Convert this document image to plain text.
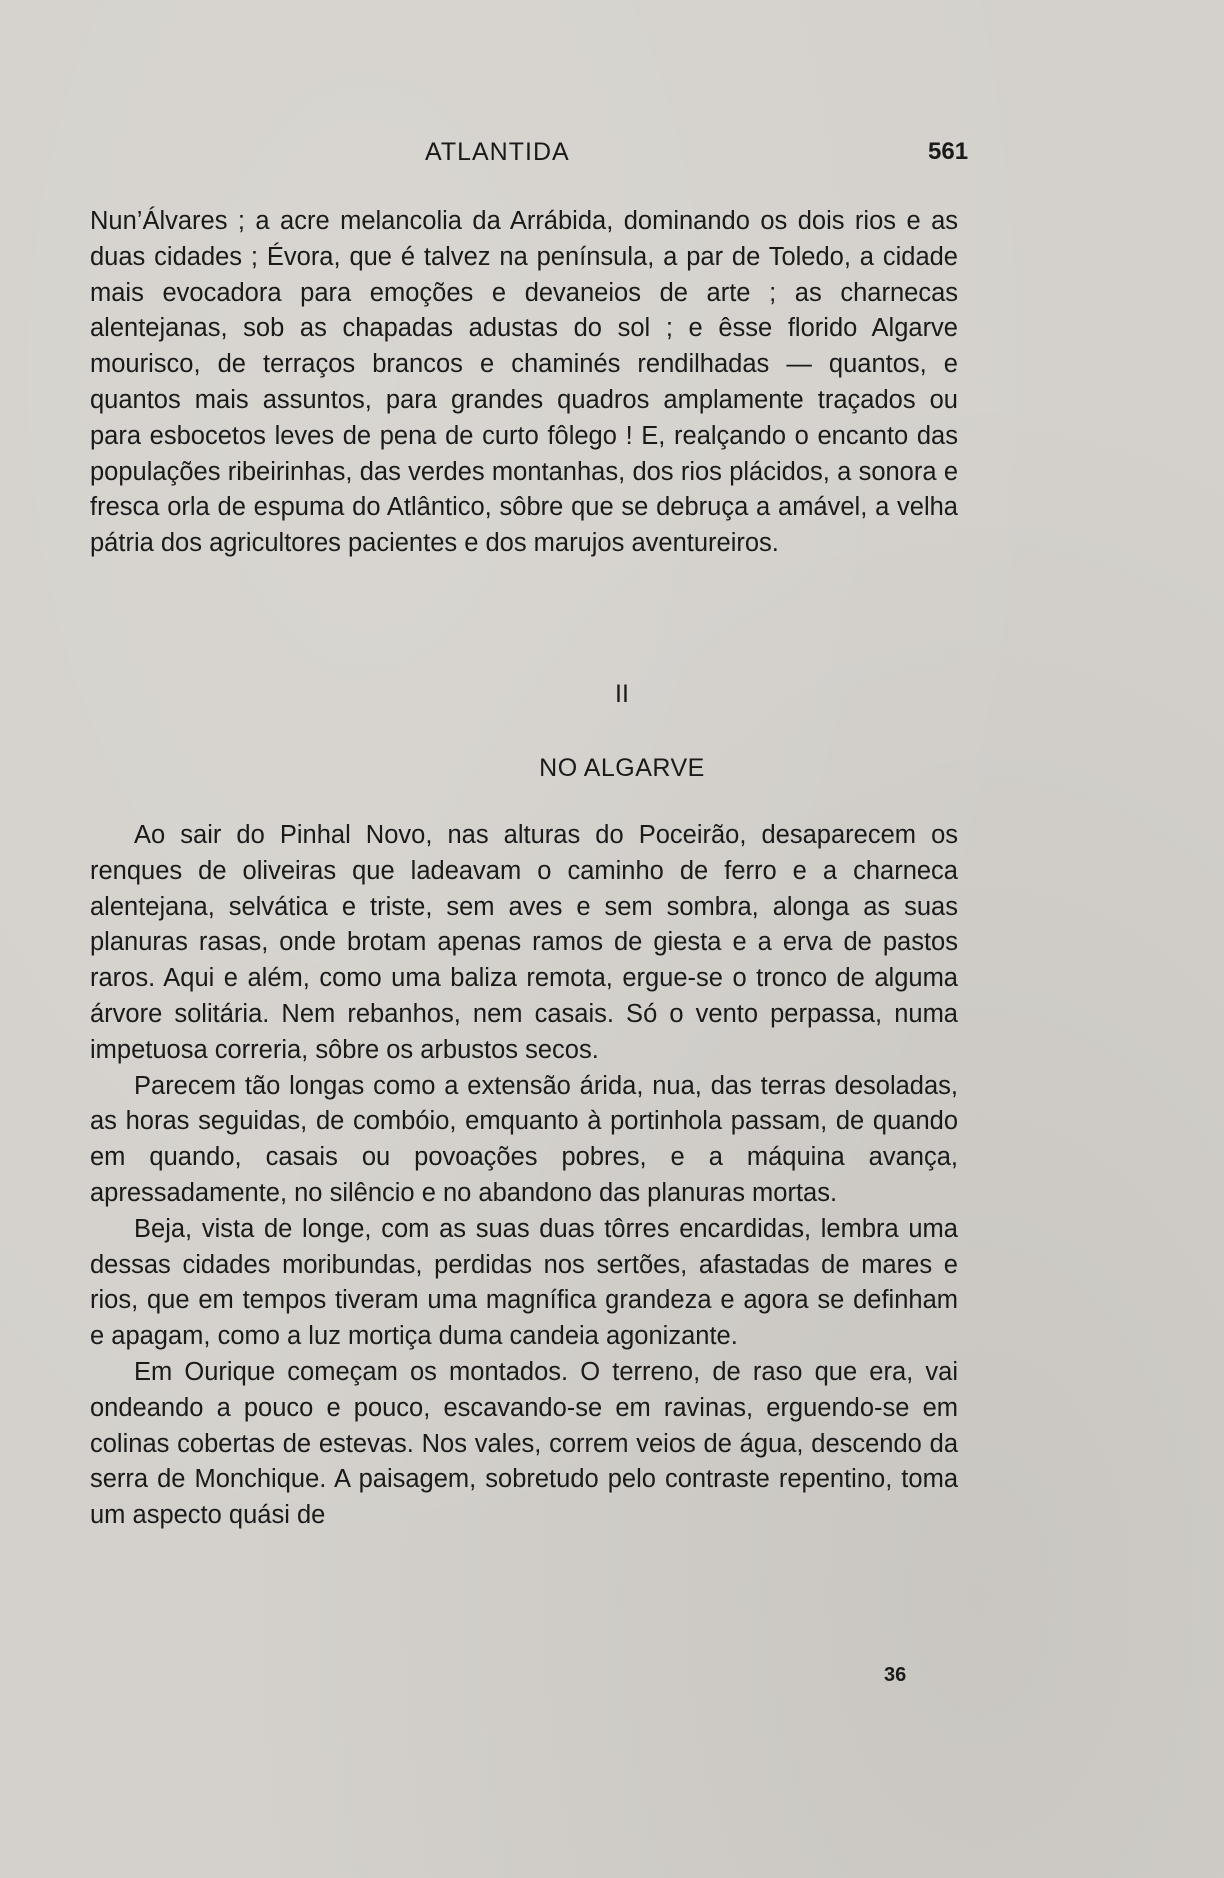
ATLANTIDA	561

Nun’Álvares ; a acre melancolia da Arrábida, dominando os dois rios e as duas cidades ; Évora, que é talvez na península, a par de Toledo, a cidade mais evocadora para emoções e devaneios de arte ; as charnecas alentejanas, sob as chapadas adustas do sol ; e êsse florido Algarve mourisco, de terraços brancos e chaminés rendilhadas — quantos, e quantos mais assuntos, para grandes quadros amplamente traçados ou para esbocetos leves de pena de curto fôlego ! E, realçando o encanto das populações ribeirinhas, das verdes montanhas, dos rios plácidos, a sonora e fresca orla de espuma do Atlântico, sôbre que se debruça a amável, a velha pátria dos agricultores pacientes e dos marujos aventureiros.

II
NO ALGARVE

Ao sair do Pinhal Novo, nas alturas do Poceirão, desaparecem os renques de oliveiras que ladeavam o caminho de ferro e a charneca alentejana, selvática e triste, sem aves e sem sombra, alonga as suas planuras rasas, onde brotam apenas ramos de giesta e a erva de pastos raros. Aqui e além, como uma baliza remota, ergue-se o tronco de alguma árvore solitária. Nem rebanhos, nem casais. Só o vento perpassa, numa impetuosa correria, sôbre os arbustos secos.

Parecem tão longas como a extensão árida, nua, das terras desoladas, as horas seguidas, de combóio, emquanto à portinhola passam, de quando em quando, casais ou povoações pobres, e a máquina avança, apressadamente, no silêncio e no abandono das planuras mortas.

Beja, vista de longe, com as suas duas tôrres encardidas, lembra uma dessas cidades moribundas, perdidas nos sertões, afastadas de mares e rios, que em tempos tiveram uma magnífica grandeza e agora se definham e apagam, como a luz mortiça duma candeia agonizante.

Em Ourique começam os montados. O terreno, de raso que era, vai ondeando a pouco e pouco, escavando-se em ravinas, erguendo-se em colinas cobertas de estevas. Nos vales, correm veios de água, descendo da serra de Monchique. A paisagem, sobretudo pelo contraste repentino, toma um aspecto quási de

36
